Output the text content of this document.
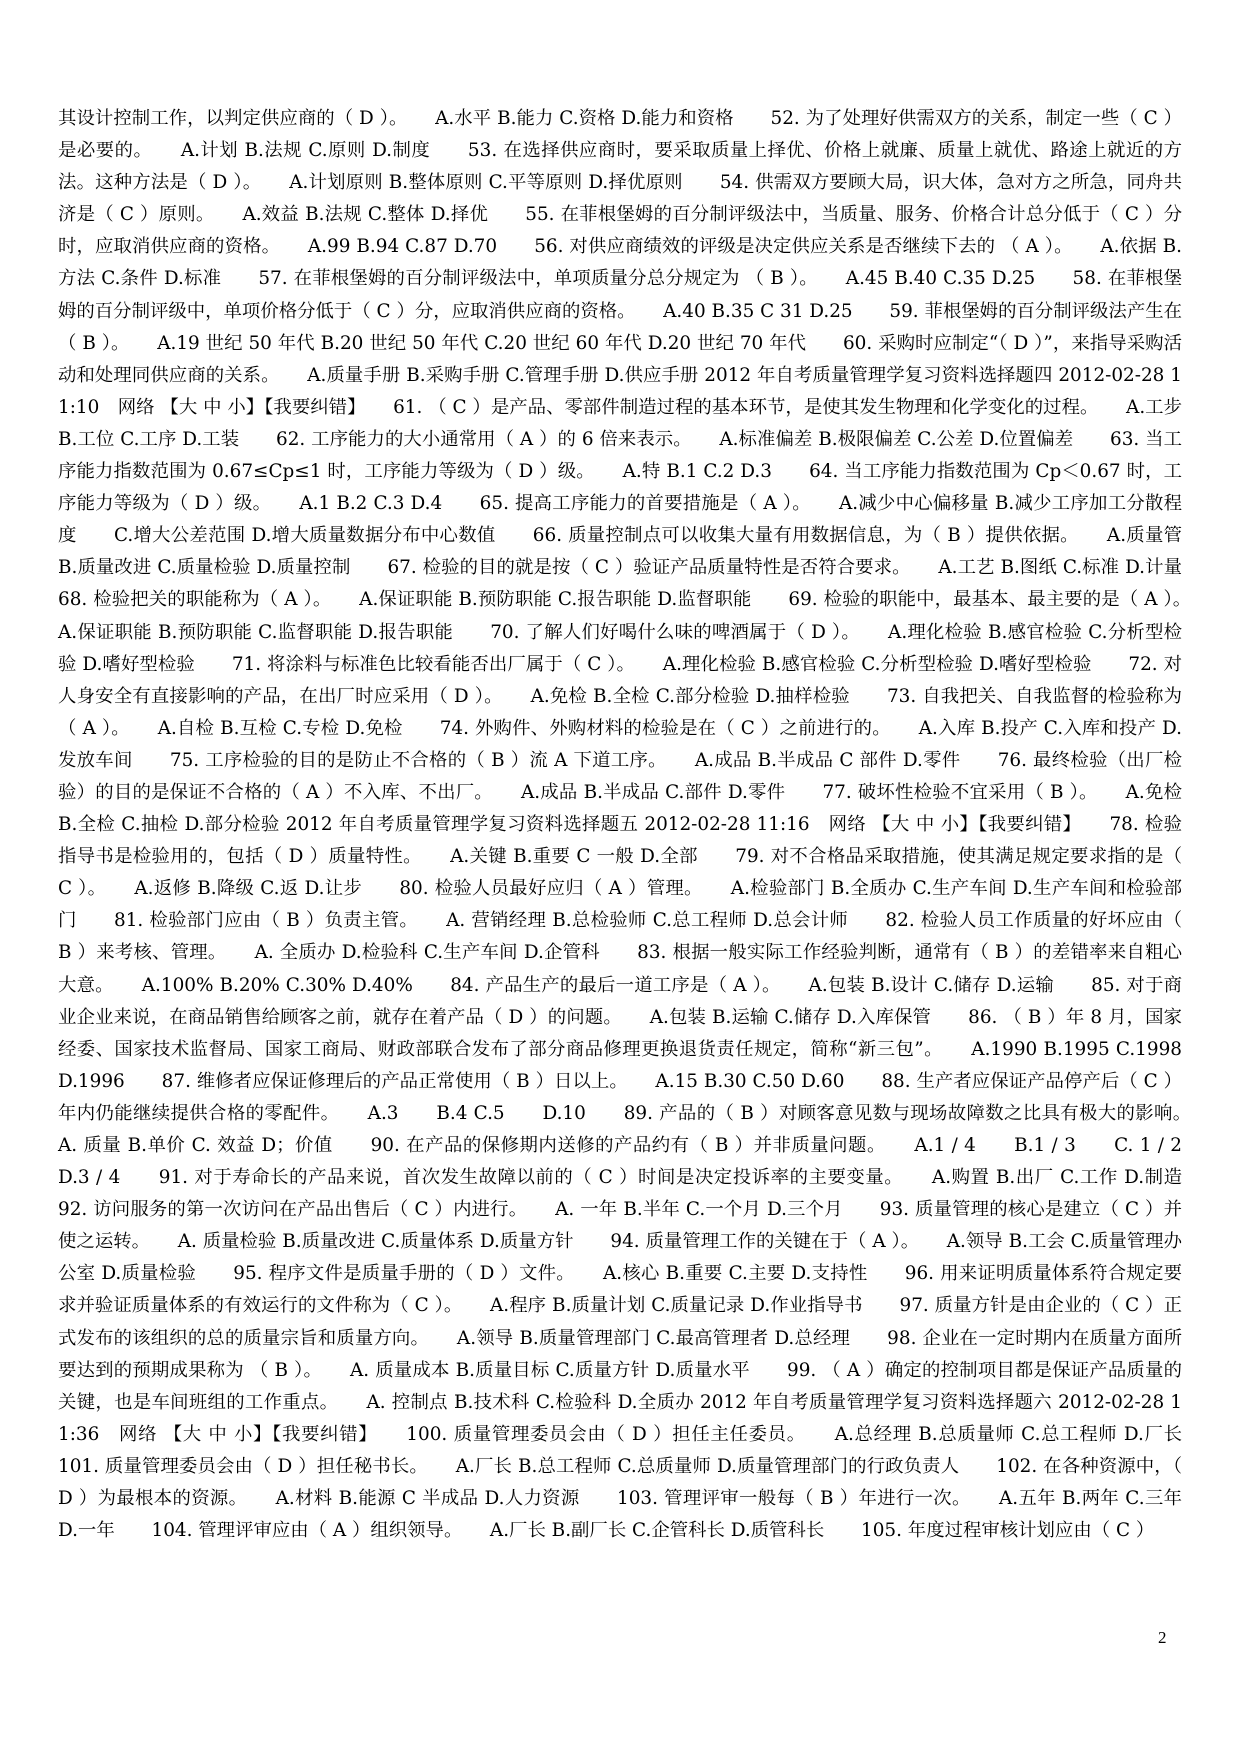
其设计控制工作，以判定供应商的（ D ）。　　A.水平 B.能力 C.资格 D.能力和资格　　52. 为了处理好供需双方的关系，制定一些（ C ）是必要的。　　A.计划 B.法规 C.原则 D.制度　　53. 在选择供应商时，要采取质量上择优、价格上就廉、质量上就优、路途上就近的方法。这种方法是（ D ）。　　A.计划原则 B.整体原则 C.平等原则 D.择优原则　　54. 供需双方要顾大局，识大体，急对方之所急，同舟共济是（ C ）原则。　　A.效益 B.法规 C.整体 D.择优　　55. 在菲根堡姆的百分制评级法中，当质量、服务、价格合计总分低于（ C ）分时，应取消供应商的资格。　　A.99 B.94 C.87 D.70　　56. 对供应商绩效的评级是决定供应关系是否继续下去的 （ A ）。　　A.依据 B.方法 C.条件 D.标准　　57. 在菲根堡姆的百分制评级法中，单项质量分总分规定为 （ B ）。　　A.45 B.40 C.35 D.25　　58. 在菲根堡姆的百分制评级中，单项价格分低于（ C ）分，应取消供应商的资格。　　A.40 B.35 C 31 D.25　　59. 菲根堡姆的百分制评级法产生在（ B ）。　　A.19 世纪 50 年代 B.20 世纪 50 年代 C.20 世纪 60 年代 D.20 世纪 70 年代　　60. 采购时应制定“（ D ）”，来指导采购活动和处理同供应商的关系。　　A.质量手册 B.采购手册 C.管理手册 D.供应手册 2012 年自考质量管理学复习资料选择题四 2012-02-28 11:10　网络 【大 中 小】【我要纠错】　　61. （ C ）是产品、零部件制造过程的基本环节，是使其发生物理和化学变化的过程。　　A.工步 B.工位 C.工序 D.工装　　62. 工序能力的大小通常用（ A ）的 6 倍来表示。　　A.标准偏差 B.极限偏差 C.公差 D.位置偏差　　63. 当工序能力指数范围为 0.67≤Cp≤1 时，工序能力等级为（ D ）级。　　A.特 B.1 C.2 D.3　　64. 当工序能力指数范围为 Cp＜0.67 时，工序能力等级为（ D ）级。　　A.1 B.2 C.3 D.4　　65. 提高工序能力的首要措施是（ A ）。　　A.减少中心偏移量 B.减少工序加工分散程度　　C.增大公差范围 D.增大质量数据分布中心数值　　66. 质量控制点可以收集大量有用数据信息，为（ B ）提供依据。　　A.质量管 B.质量改进 C.质量检验 D.质量控制　　67. 检验的目的就是按（ C ）验证产品质量特性是否符合要求。　　A.工艺 B.图纸 C.标准 D.计量　　68. 检验把关的职能称为（ A ）。　　A.保证职能 B.预防职能 C.报告职能 D.监督职能　　69. 检验的职能中，最基本、最主要的是（ A ）。　　A.保证职能 B.预防职能 C.监督职能 D.报告职能　　70. 了解人们好喝什么味的啤酒属于（ D ）。　　A.理化检验 B.感官检验 C.分析型检验 D.嗜好型检验　　71. 将涂料与标准色比较看能否出厂属于（ C ）。　　A.理化检验 B.感官检验 C.分析型检验 D.嗜好型检验　　72. 对人身安全有直接影响的产品，在出厂时应采用（ D ）。　　A.免检 B.全检 C.部分检验 D.抽样检验　　73. 自我把关、自我监督的检验称为（ A ）。　　A.自检 B.互检 C.专检 D.免检　　74. 外购件、外购材料的检验是在（ C ）之前进行的。　　A.入库 B.投产 C.入库和投产 D.发放车间　　75. 工序检验的目的是防止不合格的（ B ）流 A 下道工序。　　A.成品 B.半成品 C 部件 D.零件　　76. 最终检验（出厂检验）的目的是保证不合格的（ A ）不入库、不出厂。　　A.成品 B.半成品 C.部件 D.零件　　77. 破坏性检验不宜采用（ B ）。　　A.免检 B.全检 C.抽检 D.部分检验 2012 年自考质量管理学复习资料选择题五 2012-02-28 11:16　网络 【大 中 小】【我要纠错】　　78. 检验指导书是检验用的，包括（ D ）质量特性。　　A.关键 B.重要 C 一般 D.全部　　79. 对不合格品采取措施，使其满足规定要求指的是（ C ）。　　A.返修 B.降级 C.返 D.让步　　80. 检验人员最好应归（ A ）管理。　　A.检验部门 B.全质办 C.生产车间 D.生产车间和检验部门　　81. 检验部门应由（ B ）负责主管。　　A. 营销经理 B.总检验师 C.总工程师 D.总会计师　　82. 检验人员工作质量的好坏应由（ B ）来考核、管理。　　A. 全质办 D.检验科 C.生产车间 D.企管科　　83. 根据一般实际工作经验判断，通常有（ B ）的差错率来自粗心大意。　　A.100% B.20% C.30% D.40%　　84. 产品生产的最后一道工序是（ A ）。　　A.包装 B.设计 C.储存 D.运输　　85. 对于商业企业来说，在商品销售给顾客之前，就存在着产品（ D ）的问题。　　A.包装 B.运输 C.储存 D.入库保管　　86. （ B ）年 8 月，国家经委、国家技术监督局、国家工商局、财政部联合发布了部分商品修理更换退货责任规定，简称“新三包”。　　A.1990 B.1995 C.1998 D.1996　　87. 维修者应保证修理后的产品正常使用（ B ）日以上。　　A.15 B.30 C.50 D.60　　88. 生产者应保证产品停产后（ C ）年内仍能继续提供合格的零配件。　　A.3　　B.4 C.5　　D.10　　89. 产品的（ B ）对顾客意见数与现场故障数之比具有极大的影响。　　A. 质量 B.单价 C. 效益 D；价值　　90. 在产品的保修期内送修的产品约有（ B ）并非质量问题。　　A.1 / 4　　B.1 / 3　　C. 1 / 2　　D.3 / 4　　91. 对于寿命长的产品来说，首次发生故障以前的（ C ）时间是决定投诉率的主要变量。　　A.购置 B.出厂 C.工作 D.制造　　92. 访问服务的第一次访问在产品出售后（ C ）内进行。　　A. 一年 B.半年 C.一个月 D.三个月　　93. 质量管理的核心是建立（ C ）并使之运转。　　A. 质量检验 B.质量改进 C.质量体系 D.质量方针　　94. 质量管理工作的关键在于（ A ）。　　A.领导 B.工会 C.质量管理办公室 D.质量检验　　95. 程序文件是质量手册的（ D ）文件。　　A.核心 B.重要 C.主要 D.支持性　　96. 用来证明质量体系符合规定要求并验证质量体系的有效运行的文件称为（ C ）。　　A.程序 B.质量计划 C.质量记录 D.作业指导书　　97. 质量方针是由企业的（ C ）正式发布的该组织的总的质量宗旨和质量方向。　　A.领导 B.质量管理部门 C.最高管理者 D.总经理　　98. 企业在一定时期内在质量方面所要达到的预期成果称为 （ B ）。　　A. 质量成本 B.质量目标 C.质量方针 D.质量水平　　99. （ A ）确定的控制项目都是保证产品质量的关键，也是车间班组的工作重点。　　A. 控制点 B.技术科 C.检验科 D.全质办 2012 年自考质量管理学复习资料选择题六 2012-02-28 11:36　网络 【大 中 小】【我要纠错】　　100. 质量管理委员会由（ D ）担任主任委员。　　A.总经理 B.总质量师 C.总工程师 D.厂长　　101. 质量管理委员会由（ D ）担任秘书长。　　A.厂长 B.总工程师 C.总质量师 D.质量管理部门的行政负责人　　102. 在各种资源中，（ D ）为最根本的资源。　　A.材料 B.能源 C 半成品 D.人力资源　　103. 管理评审一般每（ B ）年进行一次。　　A.五年 B.两年 C.三年 D.一年　　104. 管理评审应由（ A ）组织领导。　　A.厂长 B.副厂长 C.企管科长 D.质管科长　　105. 年度过程审核计划应由（ C ）
2
